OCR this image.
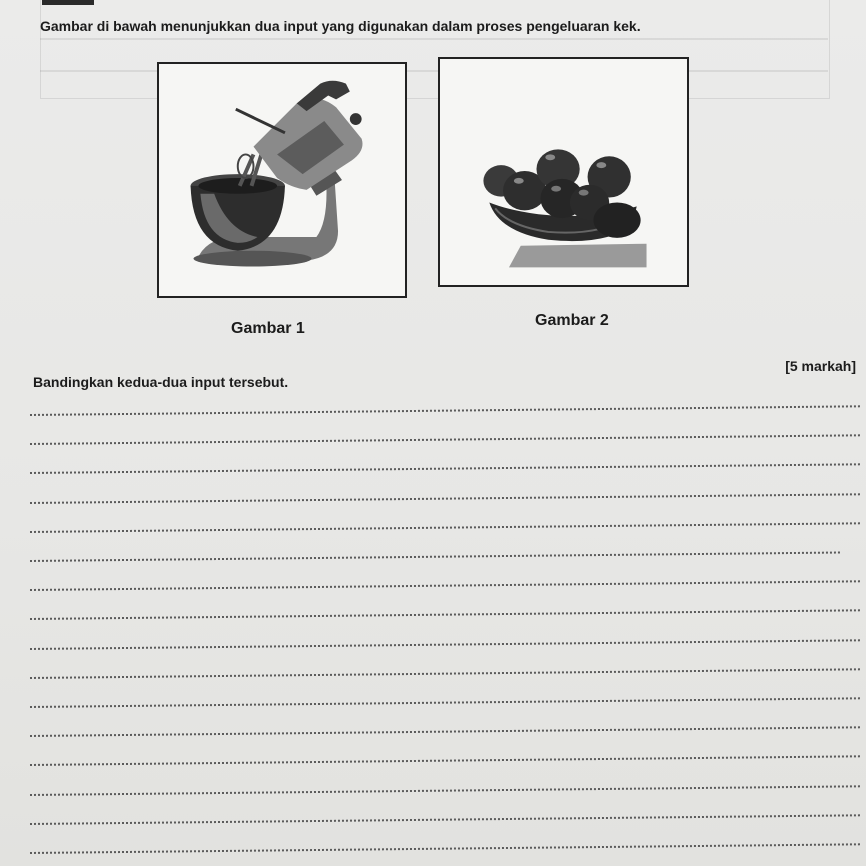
Gambar di bawah menunjukkan dua input yang digunakan dalam proses pengeluaran kek.
Gambar 1	Gambar 2
[5 markah]
Bandingkan kedua-dua input tersebut.
